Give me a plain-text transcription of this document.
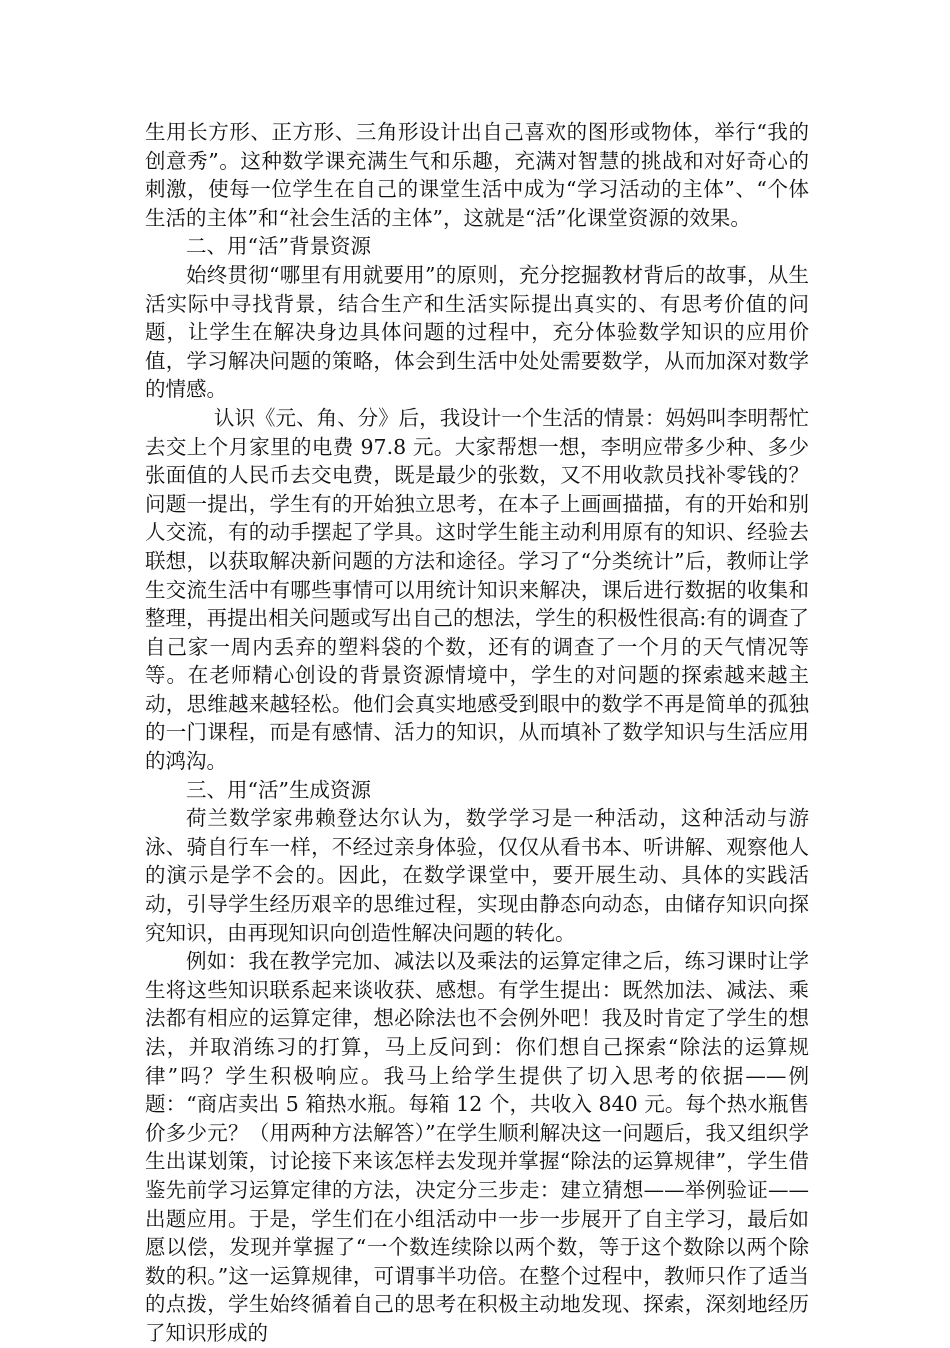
生用长方形、正方形、三角形设计出自己喜欢的图形或物体，举行“我的创意秀”。这种数学课充满生气和乐趣，充满对智慧的挑战和对好奇心的刺激，使每一位学生在自己的课堂生活中成为“学习活动的主体”、“个体生活的主体”和“社会生活的主体”，这就是“活”化课堂资源的效果。

二、用“活”背景资源

始终贯彻“哪里有用就要用”的原则，充分挖掘教材背后的故事，从生活实际中寻找背景，结合生产和生活实际提出真实的、有思考价值的问题，让学生在解决身边具体问题的过程中，充分体验数学知识的应用价值，学习解决问题的策略，体会到生活中处处需要数学，从而加深对数学的情感。

认识《元、角、分》后，我设计一个生活的情景：妈妈叫李明帮忙去交上个月家里的电费 97.8 元。大家帮想一想，李明应带多少种、多少张面值的人民币去交电费，既是最少的张数，又不用收款员找补零钱的？问题一提出，学生有的开始独立思考，在本子上画画描描，有的开始和别人交流，有的动手摆起了学具。这时学生能主动利用原有的知识、经验去联想，以获取解决新问题的方法和途径。学习了“分类统计”后，教师让学生交流生活中有哪些事情可以用统计知识来解决，课后进行数据的收集和整理，再提出相关问题或写出自己的想法，学生的积极性很高:有的调查了自己家一周内丢弃的塑料袋的个数，还有的调查了一个月的天气情况等等。在老师精心创设的背景资源情境中，学生的对问题的探索越来越主动，思维越来越轻松。他们会真实地感受到眼中的数学不再是简单的孤独的一门课程，而是有感情、活力的知识，从而填补了数学知识与生活应用的鸿沟。

三、用“活”生成资源

荷兰数学家弗赖登达尔认为，数学学习是一种活动，这种活动与游泳、骑自行车一样，不经过亲身体验，仅仅从看书本、听讲解、观察他人的演示是学不会的。因此，在数学课堂中，要开展生动、具体的实践活动，引导学生经历艰辛的思维过程，实现由静态向动态，由储存知识向探究知识，由再现知识向创造性解决问题的转化。

例如：我在教学完加、减法以及乘法的运算定律之后，练习课时让学生将这些知识联系起来谈收获、感想。有学生提出：既然加法、减法、乘法都有相应的运算定律，想必除法也不会例外吧！我及时肯定了学生的想法，并取消练习的打算，马上反问到：你们想自己探索“除法的运算规律”吗？学生积极响应。我马上给学生提供了切入思考的依据——例题：“商店卖出 5 箱热水瓶。每箱 12 个，共收入 840 元。每个热水瓶售价多少元？（用两种方法解答）”在学生顺利解决这一问题后，我又组织学生出谋划策，讨论接下来该怎样去发现并掌握“除法的运算规律”，学生借鉴先前学习运算定律的方法，决定分三步走：建立猜想——举例验证——出题应用。于是，学生们在小组活动中一步一步展开了自主学习，最后如愿以偿，发现并掌握了“一个数连续除以两个数，等于这个数除以两个除数的积。”这一运算规律，可谓事半功倍。在整个过程中，教师只作了适当的点拨，学生始终循着自己的思考在积极主动地发现、探索，深刻地经历了知识形成的
